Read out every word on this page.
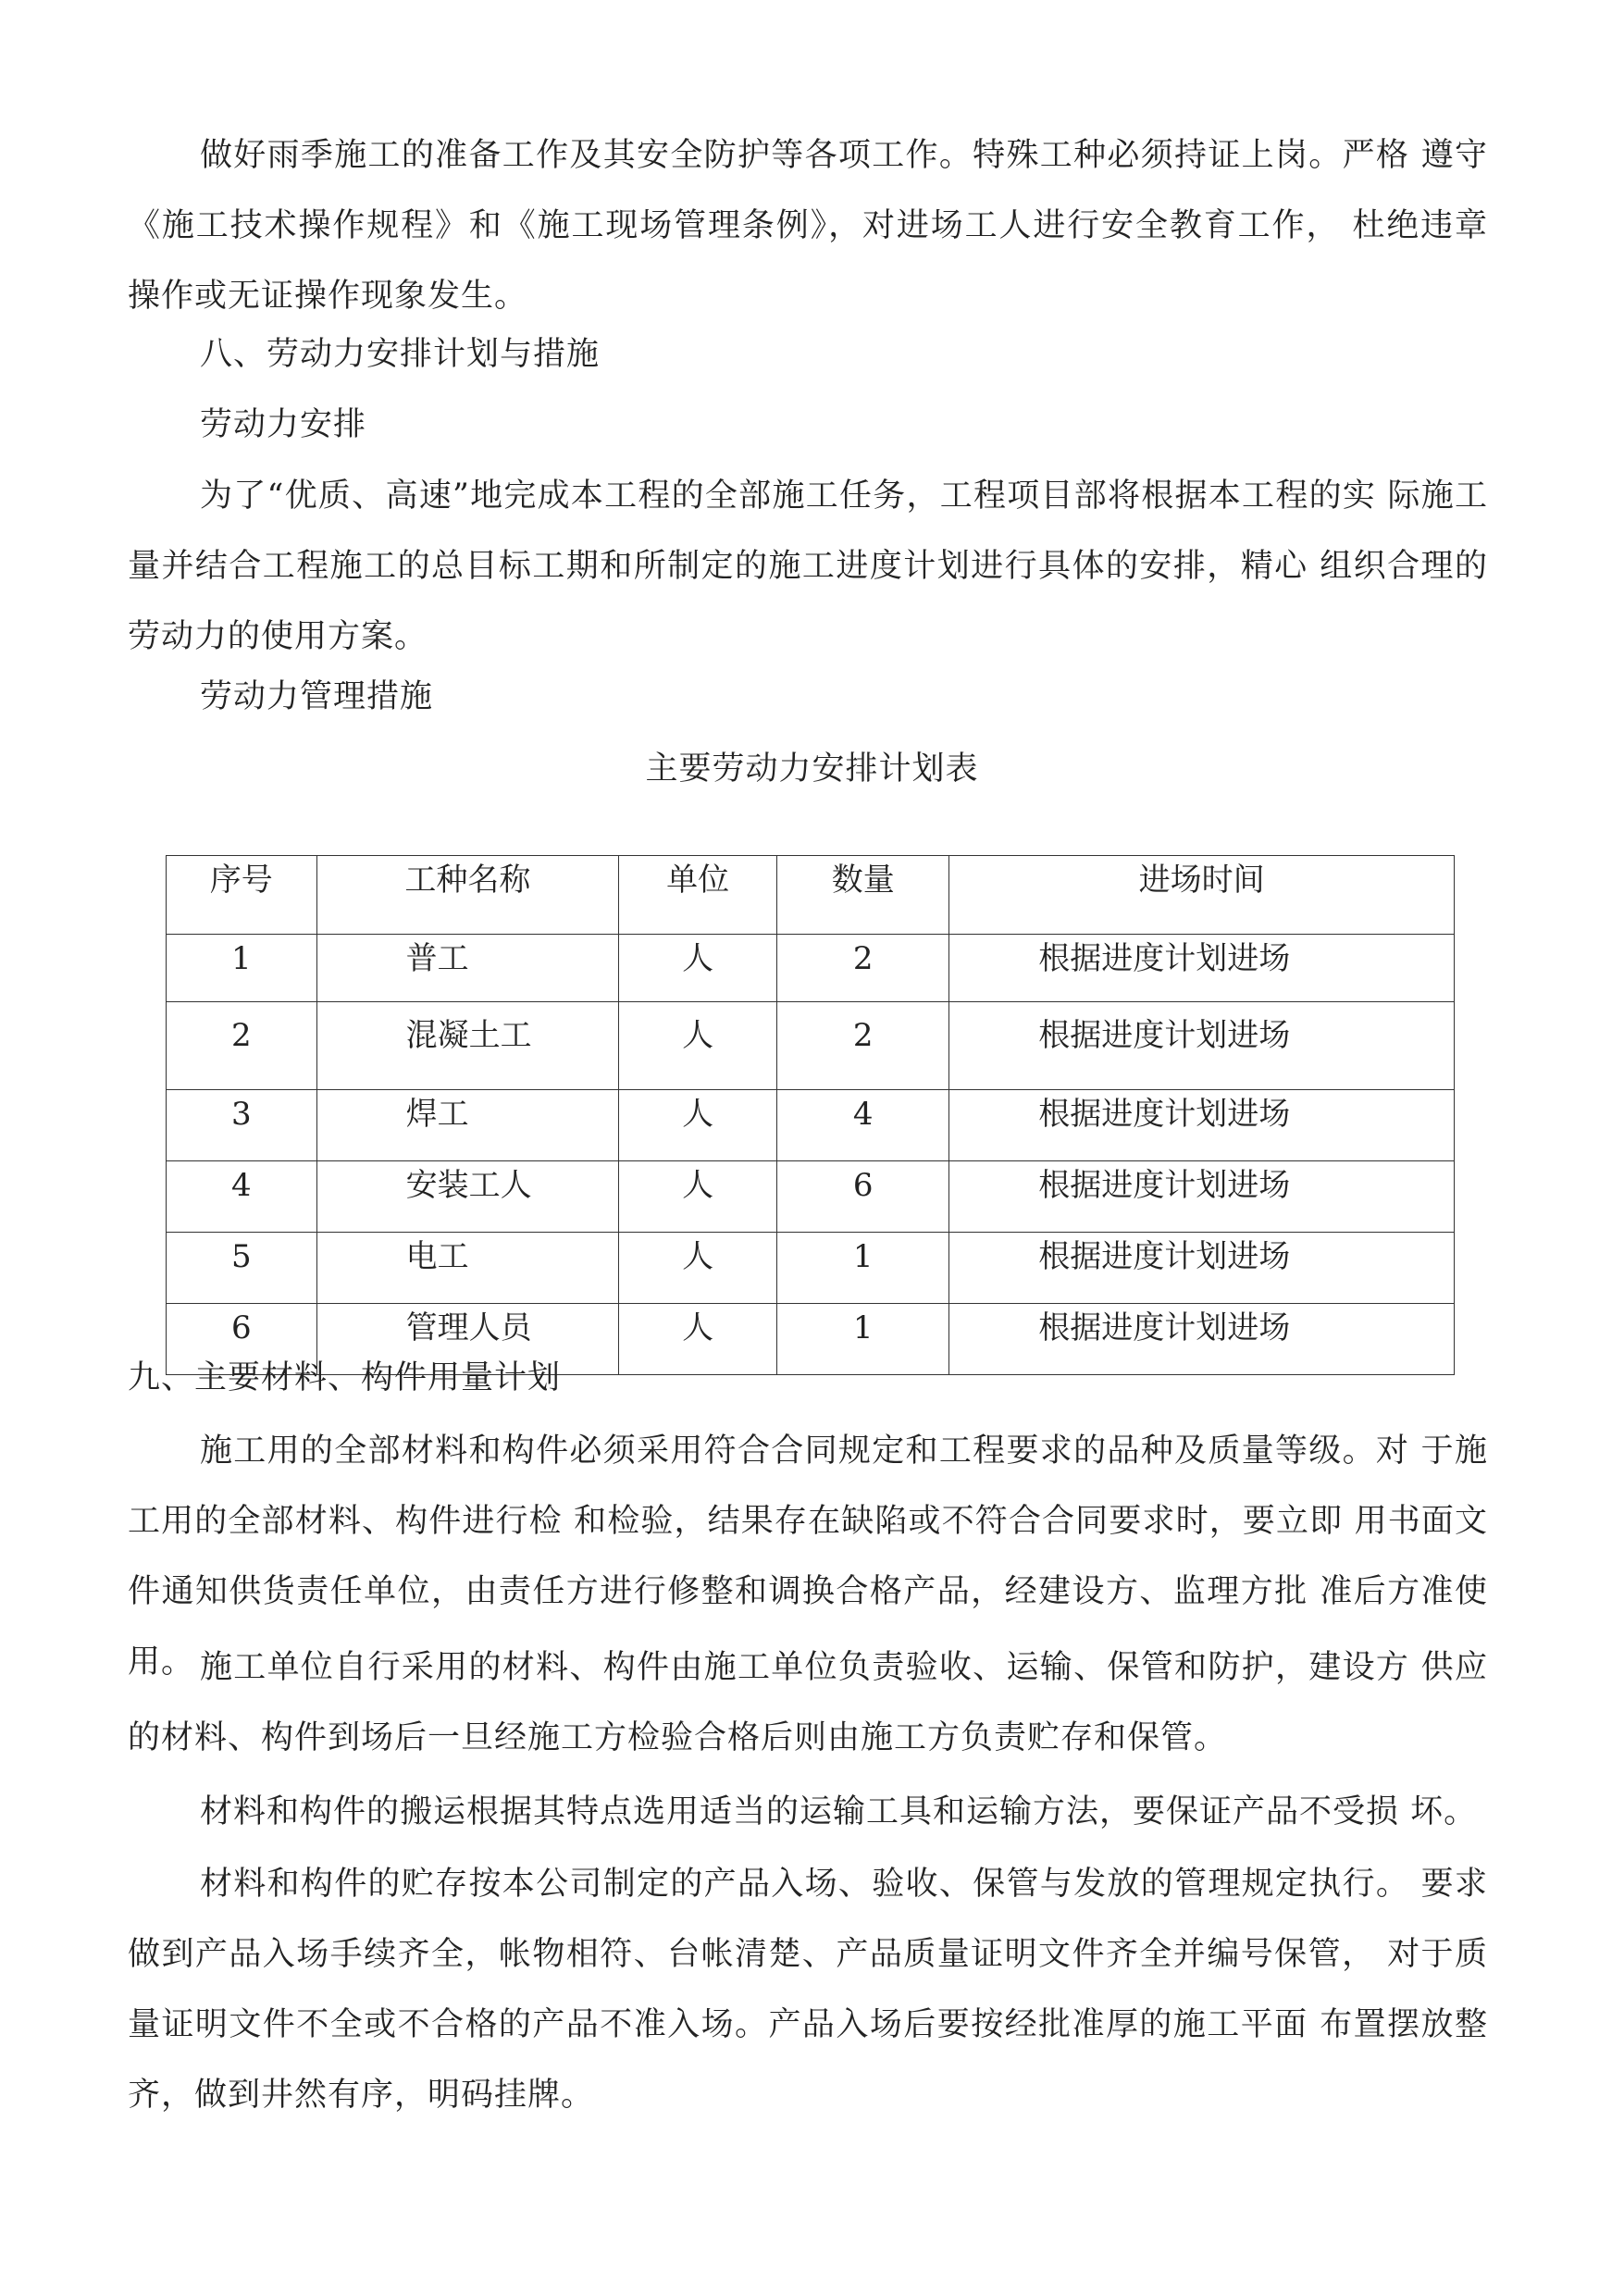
做好雨季施工的准备工作及其安全防护等各项工作。特殊工种必须持证上岗。严格 遵守《施工技术操作规程》和《施工现场管理条例》，对进场工人进行安全教育工作， 杜绝违章操作或无证操作现象发生。

八、劳动力安排计划与措施

劳动力安排

为了“优质、高速”地完成本工程的全部施工任务，工程项目部将根据本工程的实 际施工量并结合工程施工的总目标工期和所制定的施工进度计划进行具体的安排，精心 组织合理的劳动力的使用方案。

劳动力管理措施

主要劳动力安排计划表

序号	工种名称	单位	数量	进场时间
1	普工	人	2	根据进度计划进场
2	混凝土工	人	2	根据进度计划进场
3	焊工	人	4	根据进度计划进场
4	安装工人	人	6	根据进度计划进场
5	电工	人	1	根据进度计划进场
6	管理人员	人	1	根据进度计划进场

九、主要材料、构件用量计划

施工用的全部材料和构件必须采用符合合同规定和工程要求的品种及质量等级。对 于施工用的全部材料、构件进行检 和检验，结果存在缺陷或不符合合同要求时，要立即 用书面文件通知供货责任单位，由责任方进行修整和调换合格产品，经建设方、监理方批 准后方准使用。 施工单位自行采用的材料、构件由施工单位负责验收、运输、保管和防护，建设方 供应的材料、构件到场后一旦经施工方检验合格后则由施工方负责贮存和保管。

材料和构件的搬运根据其特点选用适当的运输工具和运输方法，要保证产品不受损 坏。

材料和构件的贮存按本公司制定的产品入场、验收、保管与发放的管理规定执行。 要求做到产品入场手续齐全，帐物相符、台帐清楚、产品质量证明文件齐全并编号保管， 对于质量证明文件不全或不合格的产品不准入场。产品入场后要按经批准厚的施工平面 布置摆放整齐，做到井然有序，明码挂牌。
